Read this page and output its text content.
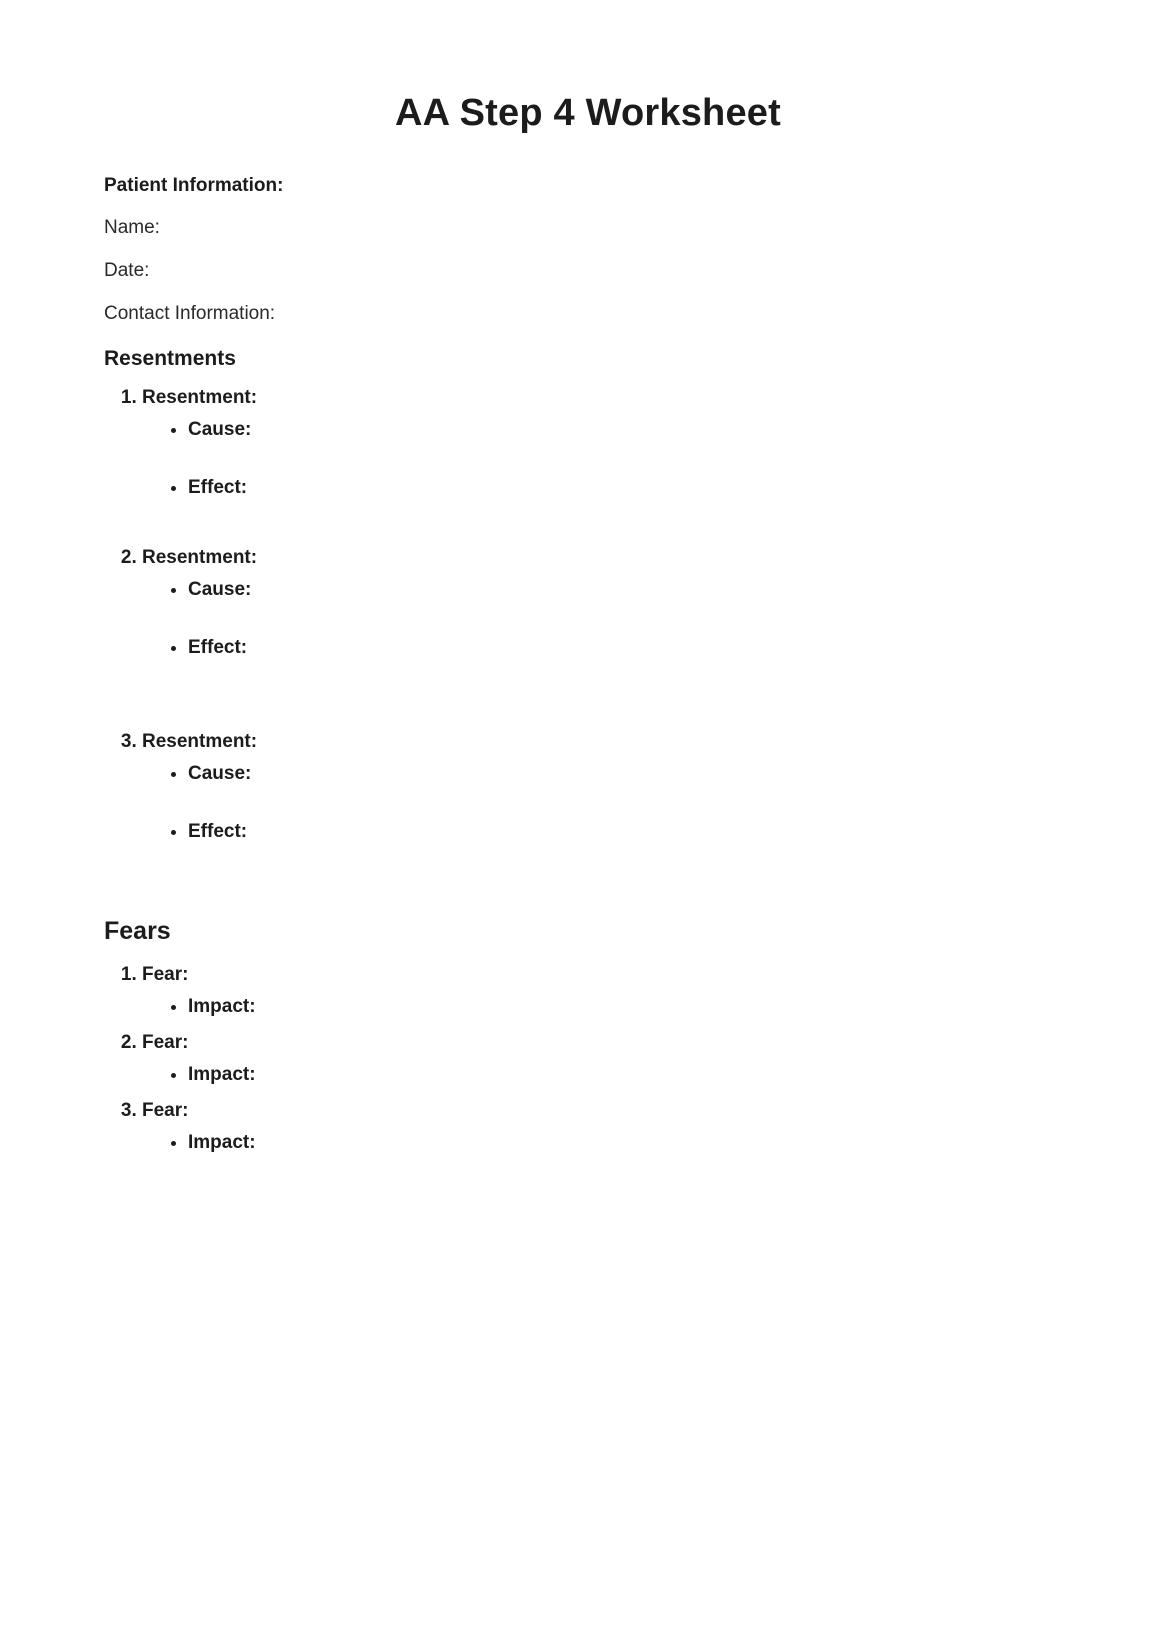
AA Step 4 Worksheet
Patient Information:
Name:
Date:
Contact Information:
Resentments
1. Resentment:
• Cause:
• Effect:
2. Resentment:
• Cause:
• Effect:
3. Resentment:
• Cause:
• Effect:
Fears
1. Fear:
• Impact:
2. Fear:
• Impact:
3. Fear:
• Impact:
